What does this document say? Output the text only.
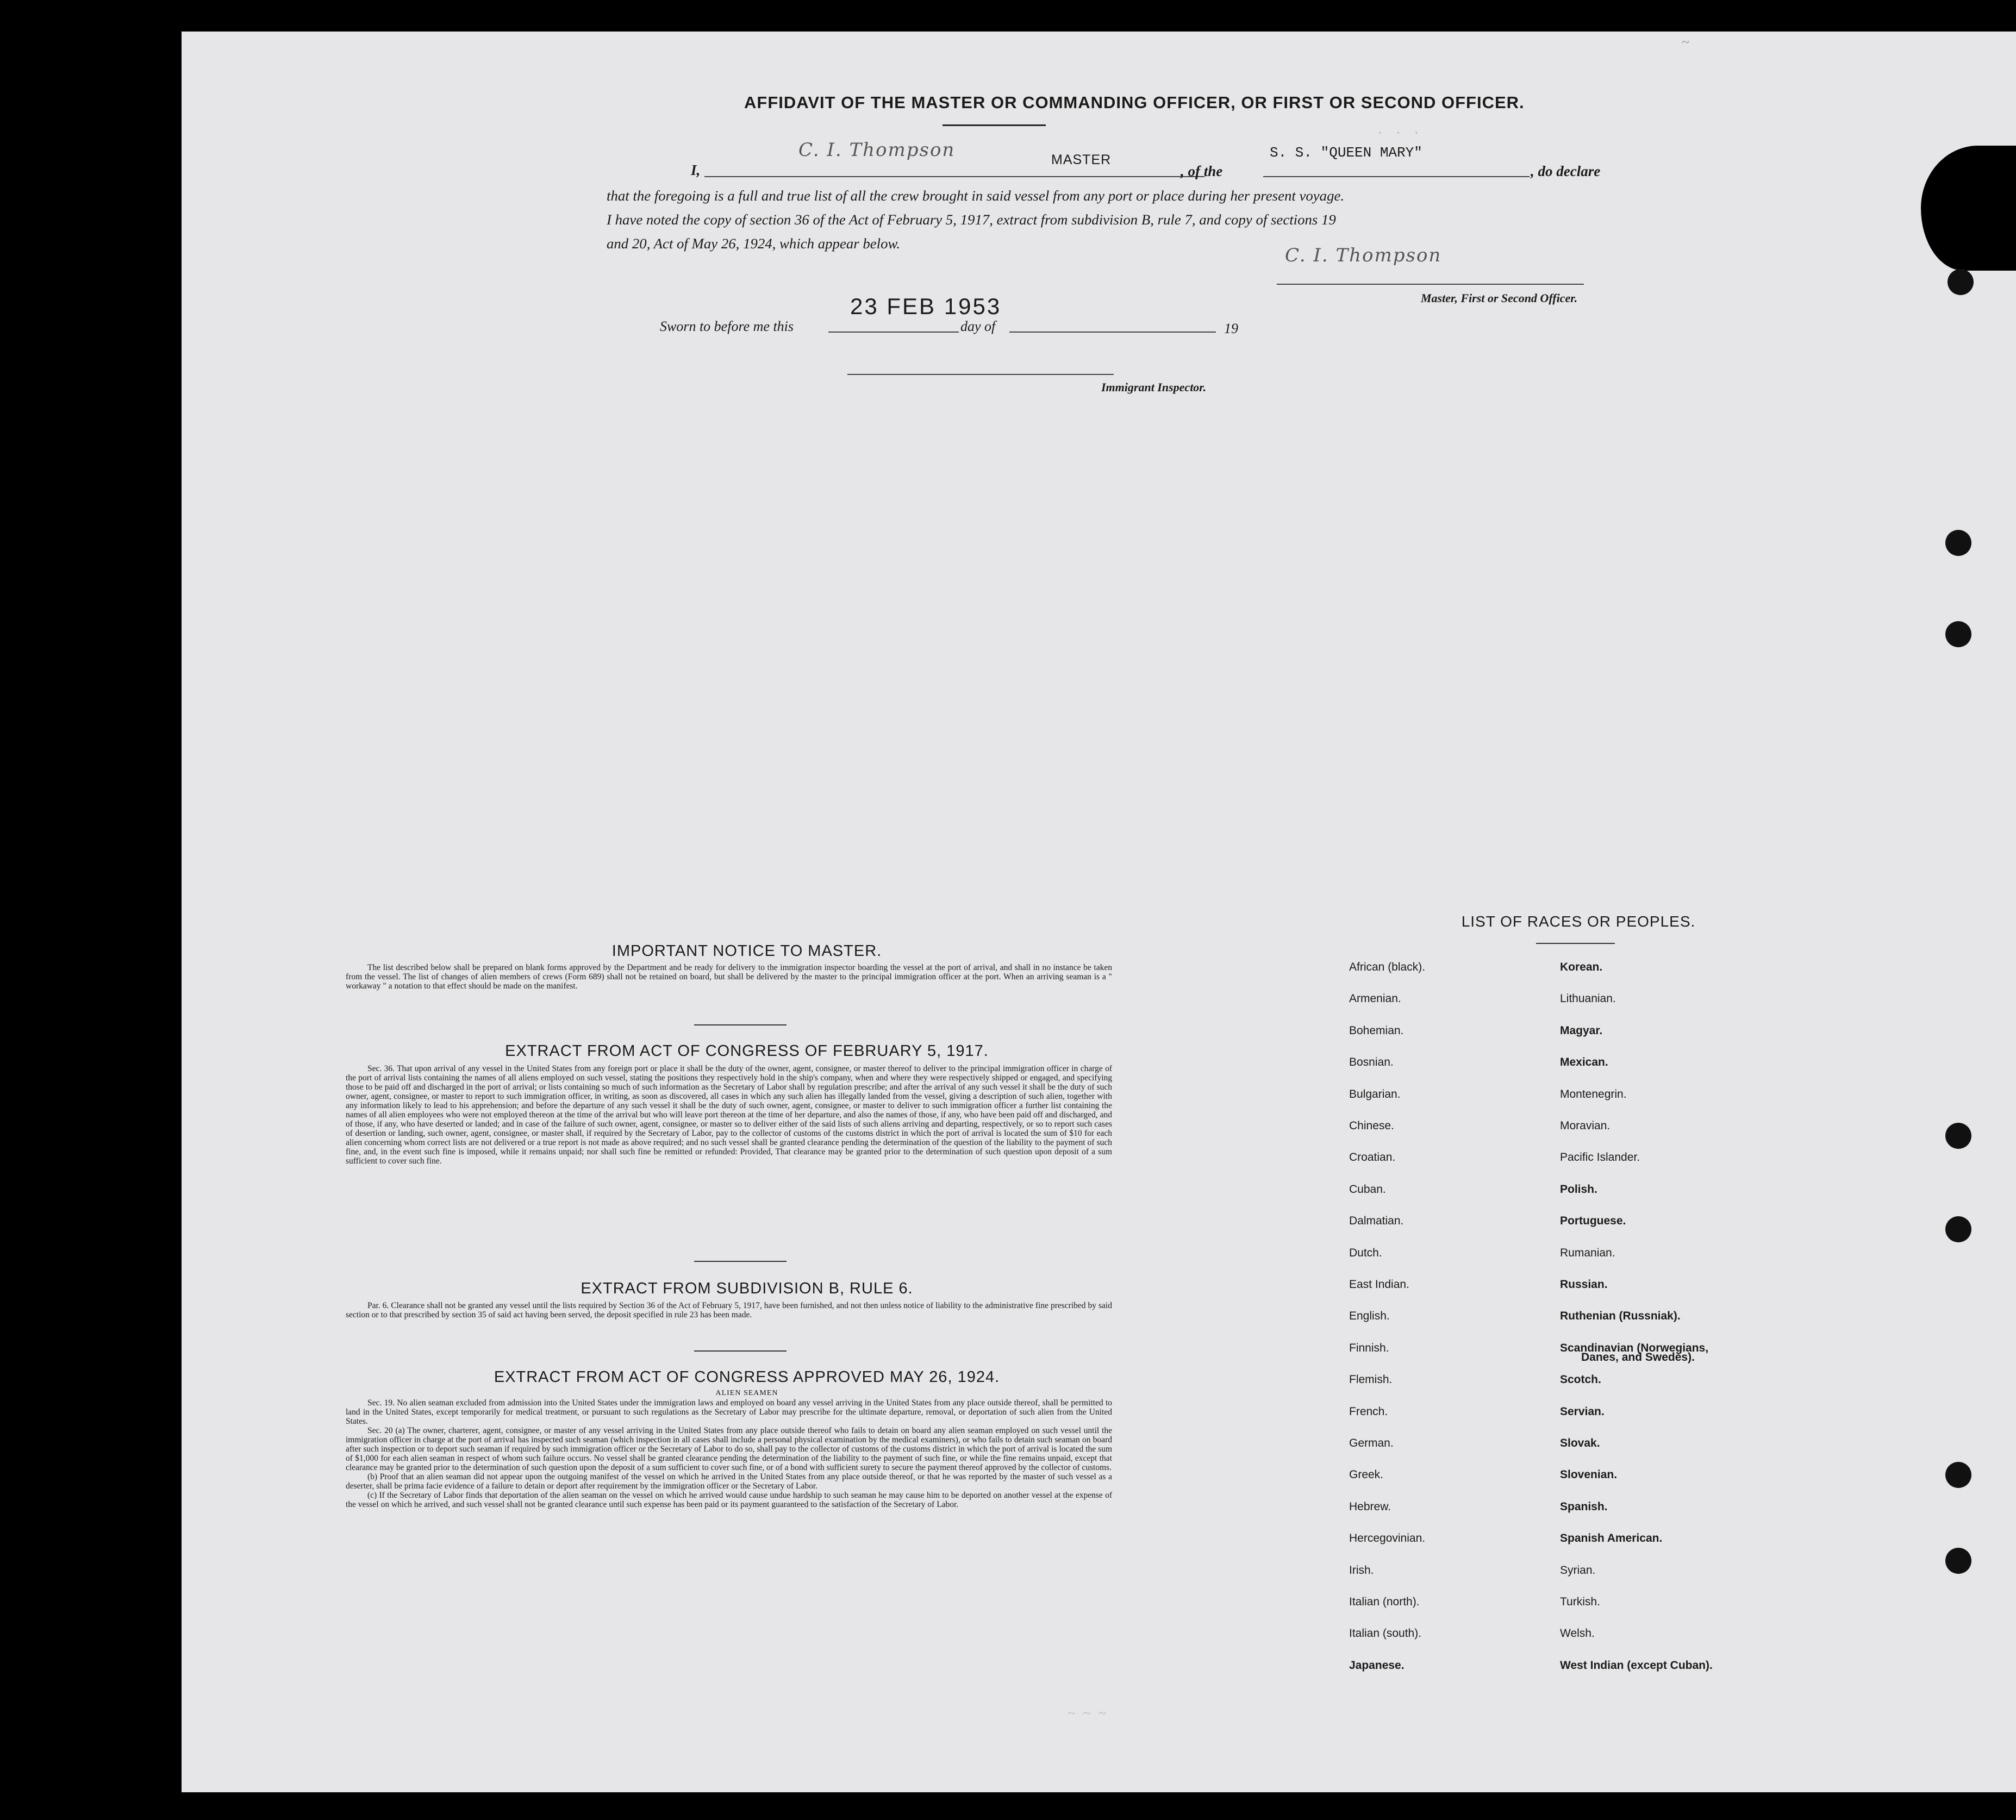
AFFIDAVIT OF THE MASTER OR COMMANDING OFFICER, OR FIRST OR SECOND OFFICER.
I,
C. I. Thompson	MASTER
, of the
S. S. "QUEEN MARY"
, do declare
that the foregoing is a full and true list of all the crew brought in said vessel from any port or place during her present voyage.
I have noted the copy of section 36 of the Act of February 5, 1917, extract from subdivision B, rule 7, and copy of sections 19
and 20, Act of May 26, 1924, which appear below.
C. I. Thompson
Master, First or Second Officer.
Sworn to before me this
23 FEB 1953
day of	19
Immigrant Inspector.
· · ·
~
IMPORTANT NOTICE TO MASTER.
The list described below shall be prepared on blank forms approved by the Department and be ready for delivery to the immigration inspector boarding the vessel at the port of arrival, and shall in no instance be taken from the vessel. The list of changes of alien members of crews (Form 689) shall not be retained on board, but shall be delivered by the master to the principal immigration officer at the port. When an arriving seaman is a " workaway " a notation to that effect should be made on the manifest.
EXTRACT FROM ACT OF CONGRESS OF FEBRUARY 5, 1917.
Sec. 36. That upon arrival of any vessel in the United States from any foreign port or place it shall be the duty of the owner, agent, consignee, or master thereof to deliver to the principal immigration officer in charge of the port of arrival lists containing the names of all aliens employed on such vessel, stating the positions they respectively hold in the ship's company, when and where they were respectively shipped or engaged, and specifying those to be paid off and discharged in the port of arrival; or lists containing so much of such information as the Secretary of Labor shall by regulation prescribe; and after the arrival of any such vessel it shall be the duty of such owner, agent, consignee, or master to report to such immigration officer, in writing, as soon as discovered, all cases in which any such alien has illegally landed from the vessel, giving a description of such alien, together with any information likely to lead to his apprehension; and before the departure of any such vessel it shall be the duty of such owner, agent, consignee, or master to deliver to such immigration officer a further list containing the names of all alien employees who were not employed thereon at the time of the arrival but who will leave port thereon at the time of her departure, and also the names of those, if any, who have been paid off and discharged, and of those, if any, who have deserted or landed; and in case of the failure of such owner, agent, consignee, or master so to deliver either of the said lists of such aliens arriving and departing, respectively, or so to report such cases of desertion or landing, such owner, agent, consignee, or master shall, if required by the Secretary of Labor, pay to the collector of customs of the customs district in which the port of arrival is located the sum of $10 for each alien concerning whom correct lists are not delivered or a true report is not made as above required; and no such vessel shall be granted clearance pending the determination of the question of the liability to the payment of such fine, and, in the event such fine is imposed, while it remains unpaid; nor shall such fine be remitted or refunded: Provided, That clearance may be granted prior to the determination of such question upon deposit of a sum sufficient to cover such fine.
EXTRACT FROM SUBDIVISION B, RULE 6.
Par. 6. Clearance shall not be granted any vessel until the lists required by Section 36 of the Act of February 5, 1917, have been furnished, and not then unless notice of liability to the administrative fine prescribed by said section or to that prescribed by section 35 of said act having been served, the deposit specified in rule 23 has been made.
EXTRACT FROM ACT OF CONGRESS APPROVED MAY 26, 1924.
ALIEN SEAMEN
Sec. 19. No alien seaman excluded from admission into the United States under the immigration laws and employed on board any vessel arriving in the United States from any place outside thereof, shall be permitted to land in the United States, except temporarily for medical treatment, or pursuant to such regulations as the Secretary of Labor may prescribe for the ultimate departure, removal, or deportation of such alien from the United States.
Sec. 20 (a) The owner, charterer, agent, consignee, or master of any vessel arriving in the United States from any place outside thereof who fails to detain on board any alien seaman employed on such vessel until the immigration officer in charge at the port of arrival has inspected such seaman (which inspection in all cases shall include a personal physical examination by the medical examiners), or who fails to detain such seaman on board after such inspection or to deport such seaman if required by such immigration officer or the Secretary of Labor to do so, shall pay to the collector of customs of the customs district in which the port of arrival is located the sum of $1,000 for each alien seaman in respect of whom such failure occurs. No vessel shall be granted clearance pending the determination of the liability to the payment of such fine, or while the fine remains unpaid, except that clearance may be granted prior to the determination of such question upon the deposit of a sum sufficient to cover such fine, or of a bond with sufficient surety to secure the payment thereof approved by the collector of customs.
(b) Proof that an alien seaman did not appear upon the outgoing manifest of the vessel on which he arrived in the United States from any place outside thereof, or that he was reported by the master of such vessel as a deserter, shall be prima facie evidence of a failure to detain or deport after requirement by the immigration officer or the Secretary of Labor.
(c) If the Secretary of Labor finds that deportation of the alien seaman on the vessel on which he arrived would cause undue hardship to such seaman he may cause him to be deported on another vessel at the expense of the vessel on which he arrived, and such vessel shall not be granted clearance until such expense has been paid or its payment guaranteed to the satisfaction of the Secretary of Labor.
LIST OF RACES OR PEOPLES.
Danes, and Swedes).
~ ~ ~
African (black).
Armenian.
Bohemian.
Bosnian.
Bulgarian.
Chinese.
Croatian.
Cuban.
Dalmatian.
Dutch.
East Indian.
English.
Finnish.
Flemish.
French.
German.
Greek.
Hebrew.
Hercegovinian.
Irish.
Italian (north).
Italian (south).
Japanese.
Korean.
Lithuanian.
Magyar.
Mexican.
Montenegrin.
Moravian.
Pacific Islander.
Polish.
Portuguese.
Rumanian.
Russian.
Ruthenian (Russniak).
Scandinavian (Norwegians,
Scotch.
Servian.
Slovak.
Slovenian.
Spanish.
Spanish American.
Syrian.
Turkish.
Welsh.
West Indian (except Cuban).
